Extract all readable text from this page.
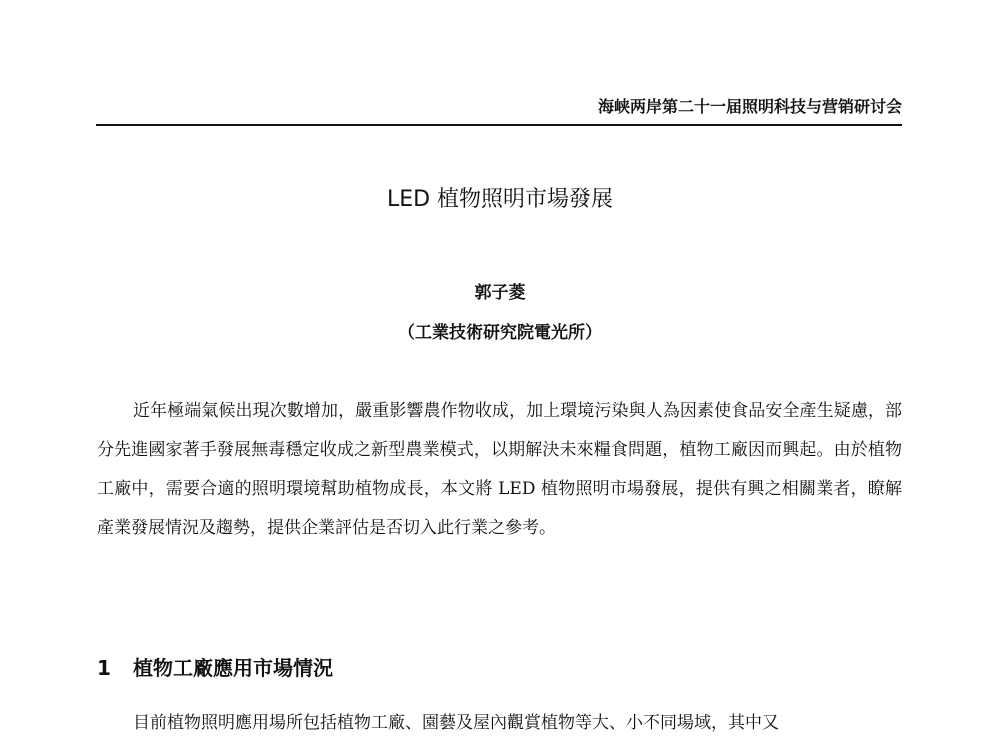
海峡两岸第二十一届照明科技与营销研讨会
LED 植物照明市場發展
郭子菱
（工業技術研究院電光所）

近年極端氣候出現次數增加，嚴重影響農作物收成，加上環境污染與人為因素使食品安全產生疑慮，部分先進國家著手發展無毒穩定收成之新型農業模式，以期解決未來糧食問題，植物工廠因而興起。由於植物工廠中，需要合適的照明環境幫助植物成長，本文將 LED 植物照明市場發展，提供有興之相關業者，瞭解產業發展情況及趨勢，提供企業評估是否切入此行業之參考。

1 植物工廠應用市場情況

目前植物照明應用場所包括植物工廠、園藝及屋內觀賞植物等大、小不同場域，其中又
